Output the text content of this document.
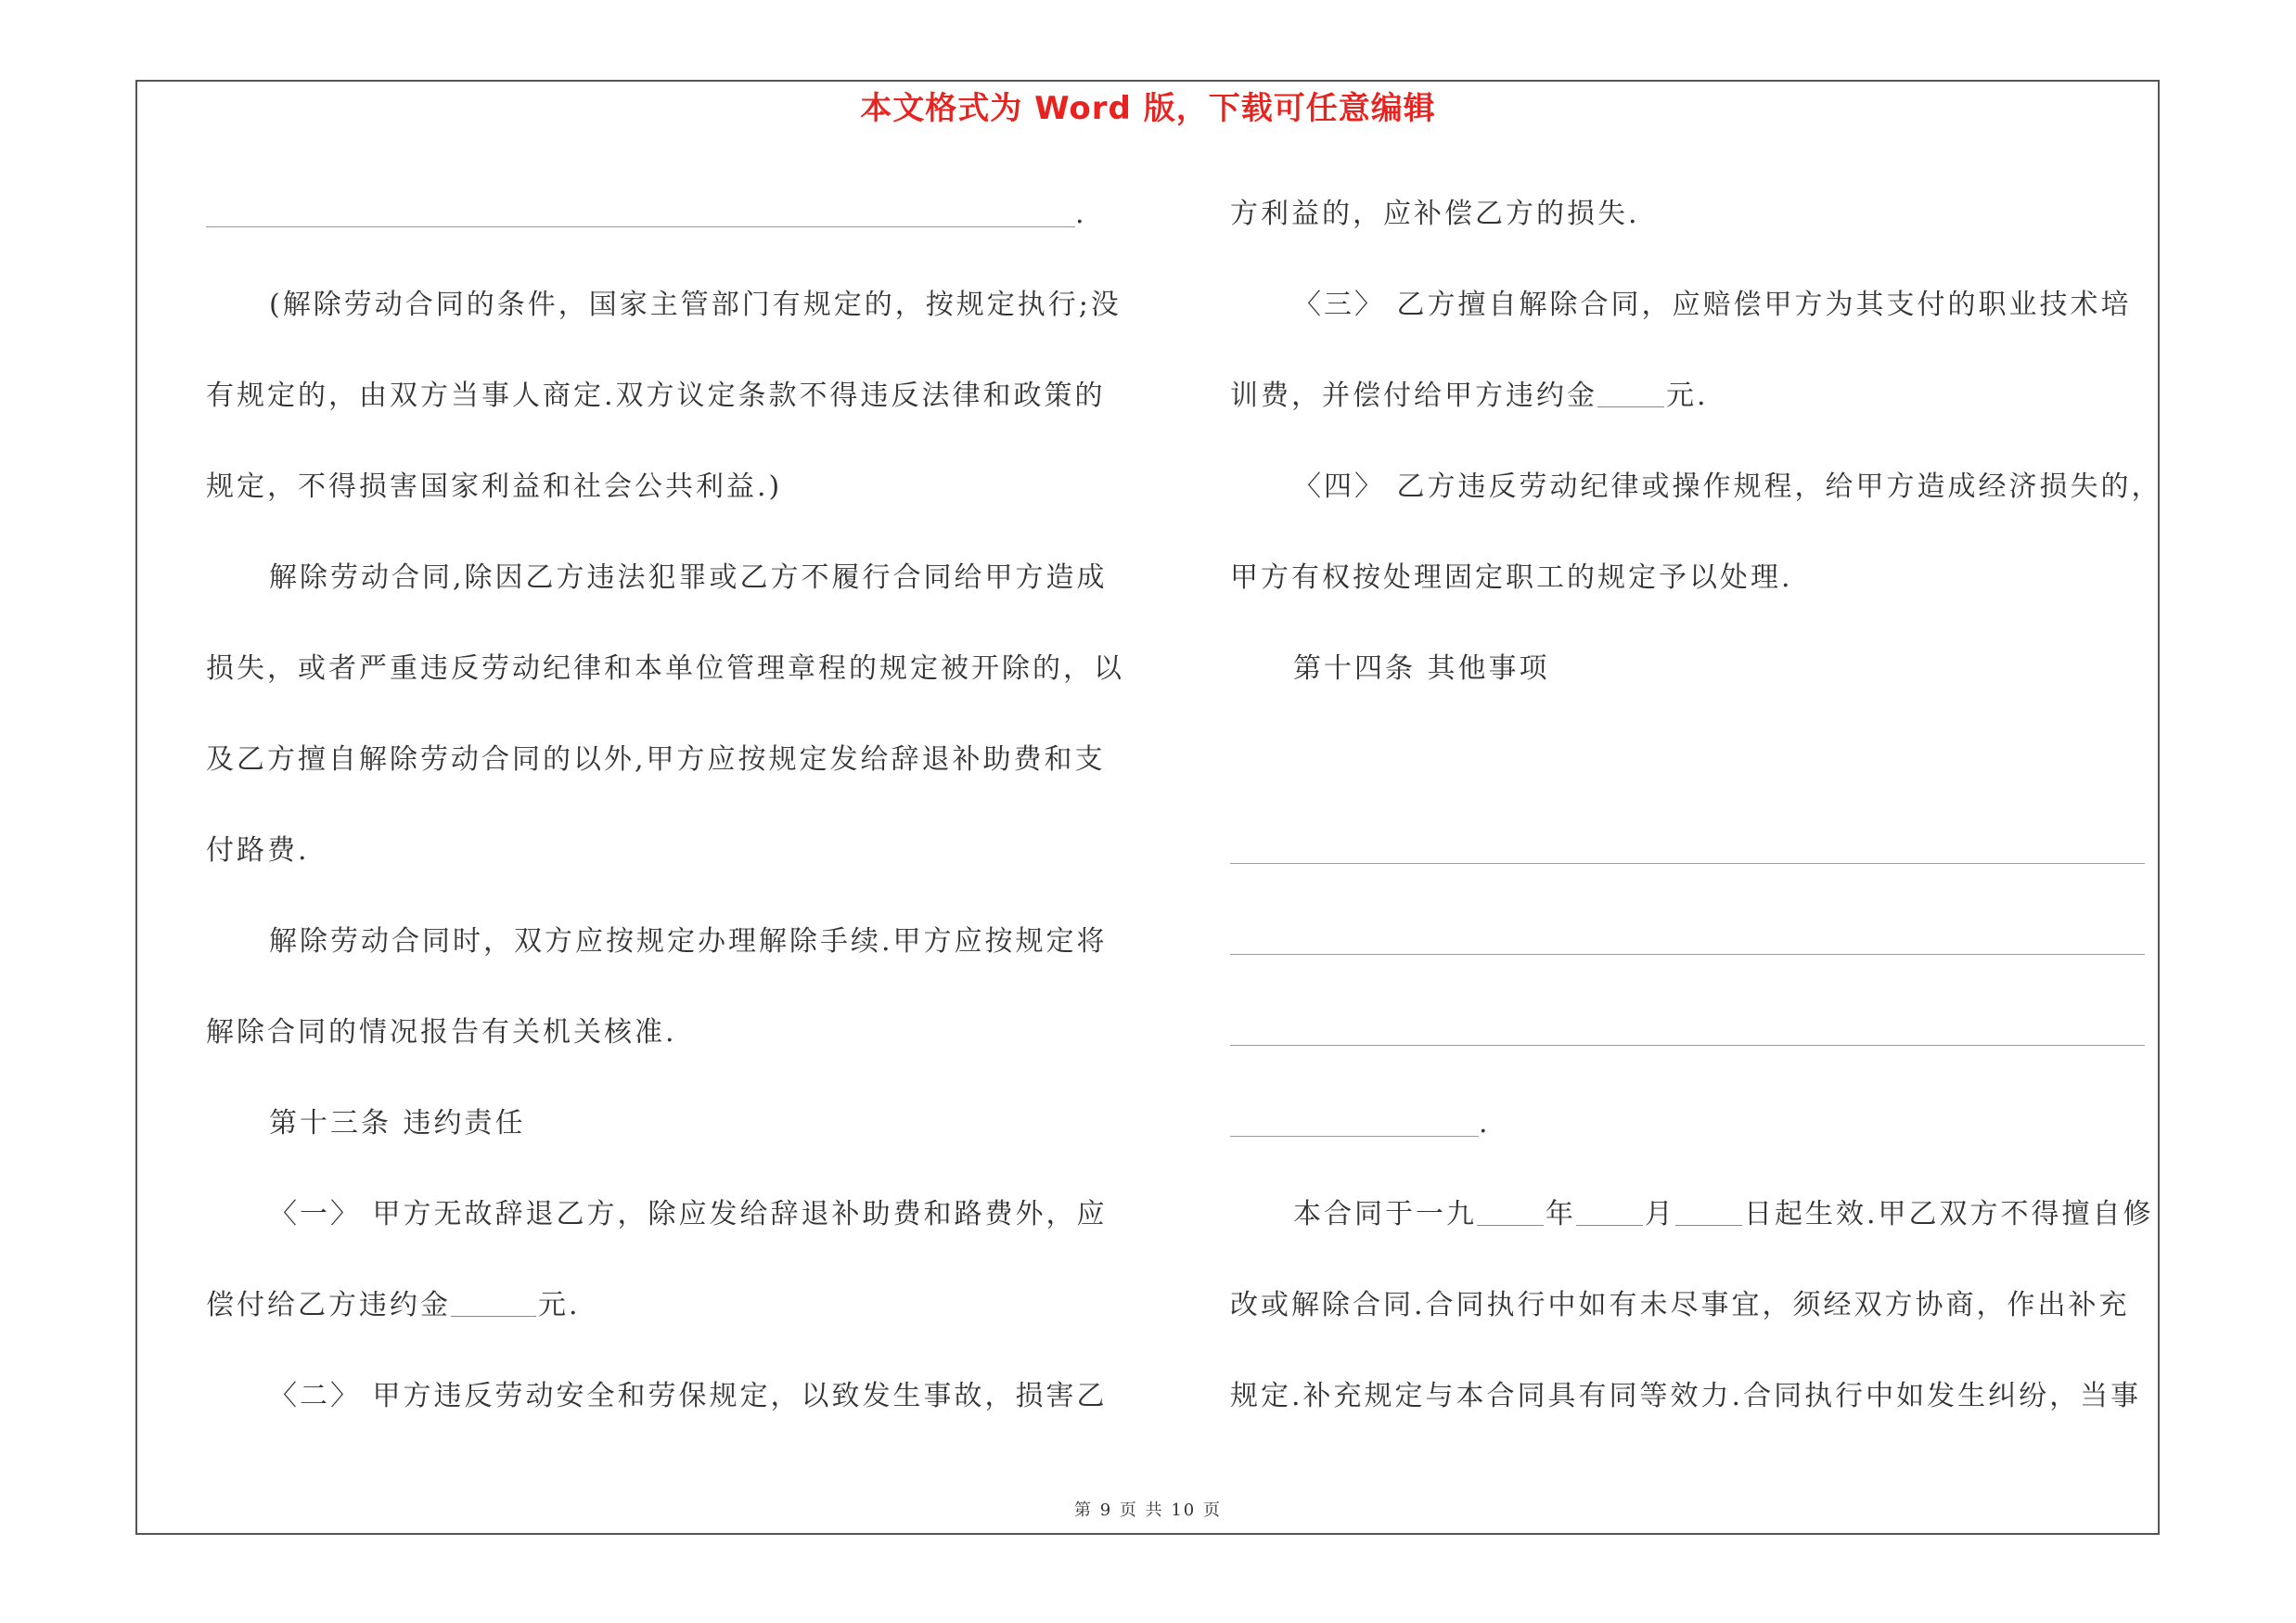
本文格式为 Word 版，下载可任意编辑
.
(解除劳动合同的条件，国家主管部门有规定的，按规定执行;没
有规定的，由双方当事人商定.双方议定条款不得违反法律和政策的
规定，不得损害国家利益和社会公共利益.)
解除劳动合同,除因乙方违法犯罪或乙方不履行合同给甲方造成
损失，或者严重违反劳动纪律和本单位管理章程的规定被开除的，以
及乙方擅自解除劳动合同的以外,甲方应按规定发给辞退补助费和支
付路费.
解除劳动合同时，双方应按规定办理解除手续.甲方应按规定将
解除合同的情况报告有关机关核准.
第十三条 违约责任
〈一〉 甲方无故辞退乙方，除应发给辞退补助费和路费外，应
偿付给乙方违约金	元.
〈二〉 甲方违反劳动安全和劳保规定，以致发生事故，损害乙
方利益的，应补偿乙方的损失.
〈三〉 乙方擅自解除合同，应赔偿甲方为其支付的职业技术培
训费，并偿付给甲方违约金 元.
〈四〉 乙方违反劳动纪律或操作规程，给甲方造成经济损失的，
甲方有权按处理固定职工的规定予以处理.
第十四条 其他事项
.
本合同于一九 年 月 日起生效.甲乙双方不得擅自修
改或解除合同.合同执行中如有未尽事宜，须经双方协商，作出补充
规定.补充规定与本合同具有同等效力.合同执行中如发生纠纷，当事
第 9 页 共 10 页
